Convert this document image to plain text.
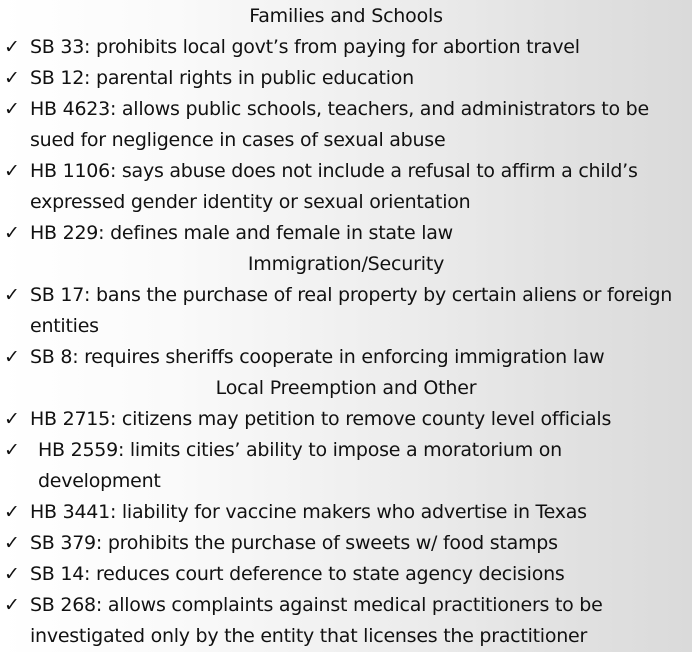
Families and Schools
✓ SB 33: prohibits local govt’s from paying for abortion travel
✓ SB 12: parental rights in public education
✓ HB 4623: allows public schools, teachers, and administrators to be sued for negligence in cases of sexual abuse
✓ HB 1106: says abuse does not include a refusal to affirm a child’s expressed gender identity or sexual orientation
✓ HB 229: defines male and female in state law
Immigration/Security
✓ SB 17: bans the purchase of real property by certain aliens or foreign entities
✓ SB 8: requires sheriffs cooperate in enforcing immigration law
Local Preemption and Other
✓ HB 2715: citizens may petition to remove county level officials
✓ HB 2559: limits cities’ ability to impose a moratorium on development
✓ HB 3441: liability for vaccine makers who advertise in Texas
✓ SB 379: prohibits the purchase of sweets w/ food stamps
✓ SB 14: reduces court deference to state agency decisions
✓ SB 268: allows complaints against medical practitioners to be investigated only by the entity that licenses the practitioner
